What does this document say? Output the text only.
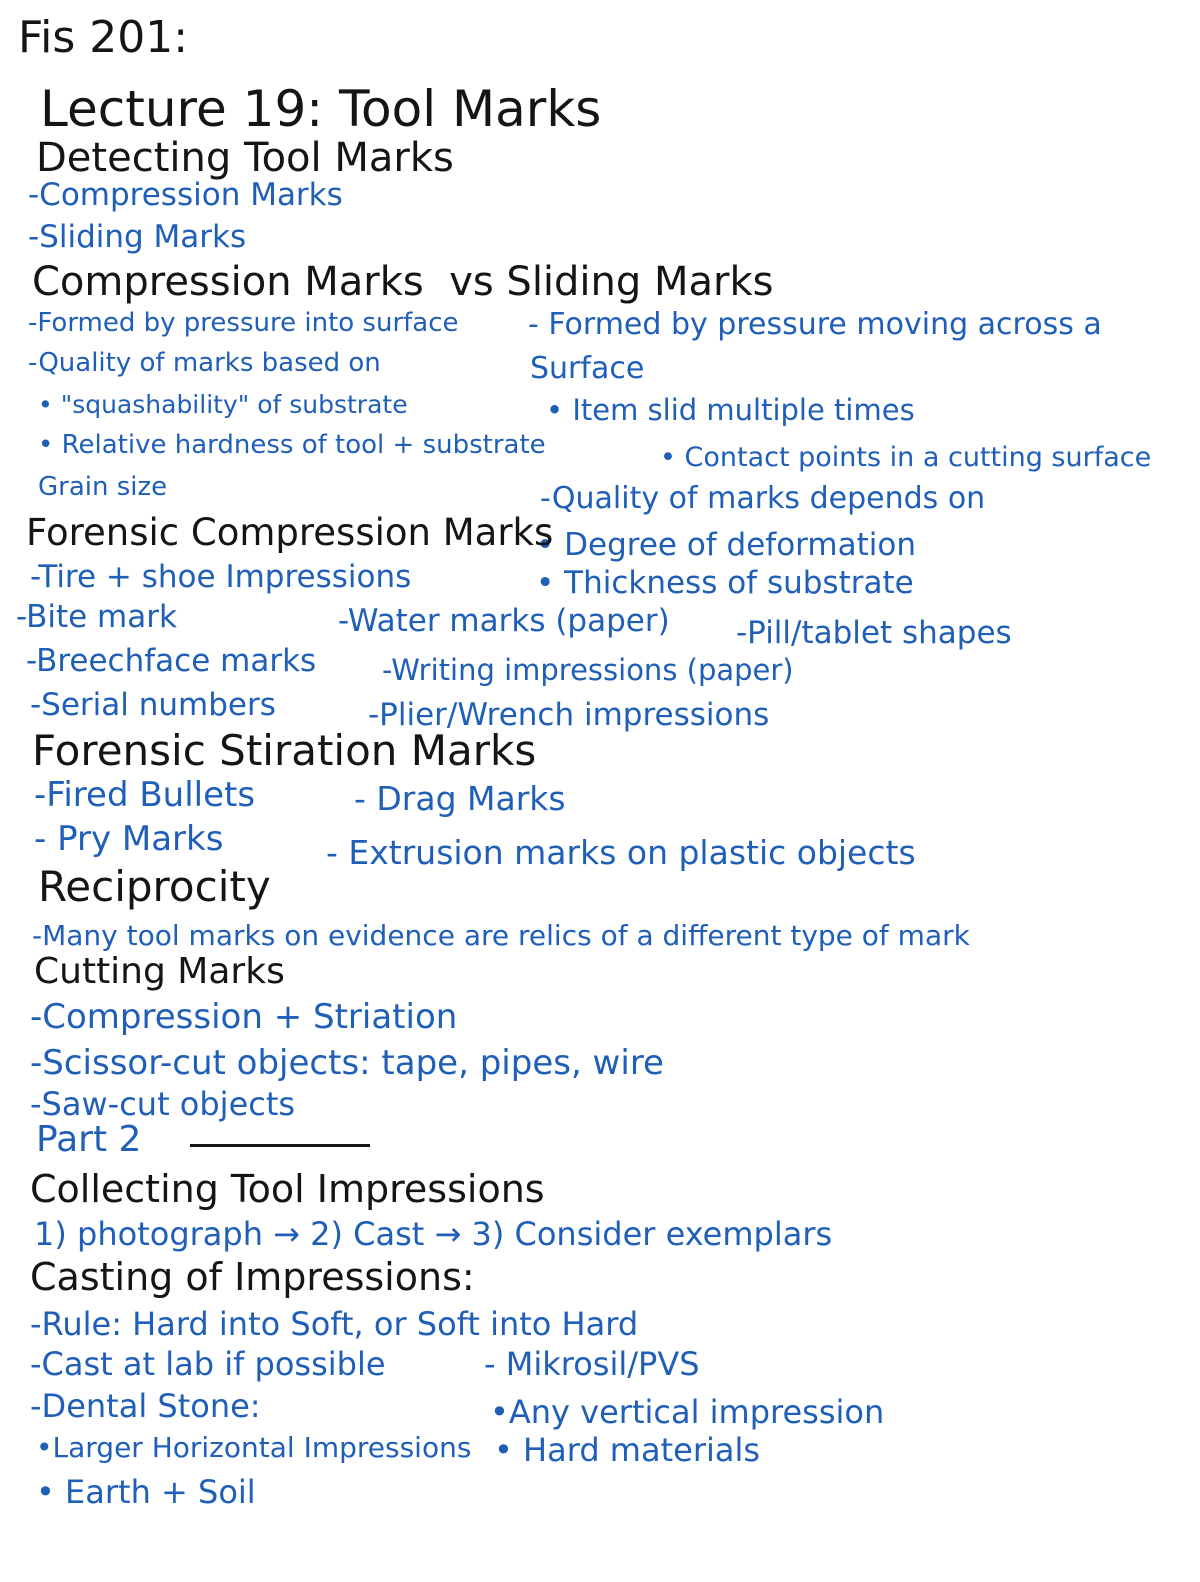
Fis 201:
Lecture 19: Tool Marks
Detecting Tool Marks
-Compression Marks
-Sliding Marks
Compression Marks vs Sliding Marks
-Formed by pressure into surface
-Quality of marks based on
• "squashability" of substrate
• Relative hardness of tool + substrate
Grain size
- Formed by pressure moving across a
Surface
• Item slid multiple times
• Contact points in a cutting surface
-Quality of marks depends on
• Degree of deformation
• Thickness of substrate
Forensic Compression Marks
-Tire + shoe Impressions
-Bite mark	-Water marks (paper) -Pill/tablet shapes
-Breechface marks -Writing impressions (paper)
-Serial numbers	-Plier/Wrench impressions
Forensic Stiration Marks
-Fired Bullets	- Drag Marks
- Pry Marks	- Extrusion marks on plastic objects
Reciprocity
-Many tool marks on evidence are relics of a different type of mark
Cutting Marks
-Compression + Striation
-Scissor-cut objects: tape, pipes, wire
-Saw-cut objects
Part 2
Collecting Tool Impressions
1) photograph → 2) Cast → 3) Consider exemplars
Casting of Impressions:
-Rule: Hard into Soft, or Soft into Hard
-Cast at lab if possible	- Mikrosil/PVS
-Dental Stone:	•Any vertical impression
•Larger Horizontal Impressions • Hard materials
• Earth + Soil
